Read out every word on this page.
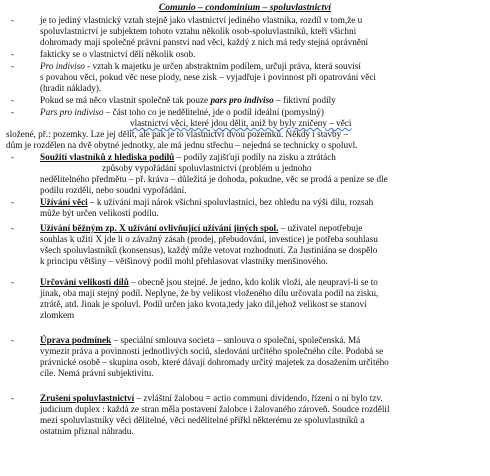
Comunio – condominium – spoluvlastnictví
-	je to jediný vlastnický vztah stejně jako vlastnictví jediného vlastníka, rozdíl v tom,že u
spoluvlastnictví je subjektem tohoto vztahu několik osob-spoluvlastníků, kteří všichni
dohromady mají společné právní panství nad věcí, každý z nich má tedy stejná oprávnění
-	fakticky se o vlastnictví dělí několik osob.
-	Pro indiviso - vztah k majetku je určen abstraktním podílem, určuji práva, která souvisí
s povahou věci, pokud věc nese plody, nese zisk – vyjadřuje i povinnost při opatrování věci
(hradit náklady).
-	Pokud se má něco vlastnit společně tak pouze pars pro indiviso – fiktivní podíly
-	Pars pro indiviso – část toho co je nedělitelné, jde o podíl ideální (pomyslný)
vlastnictví věci, které jdou dělit, aniž by byly zničeny – věci
složené, př.: pozemky. Lze jej dělit, ale pak je to vlastnictví dvou pozemků. Někdy i stavby –
dům je rozdělen na dvě obytné jednotky, ale má jednu střechu – nejedná se technicky o spoluvl.
-	Soužití vlastníků z hlediska podílů – podíly zajišťují podíly na zisku a ztrátách
způsoby vypořádání spoluvlastnictví (problém u jednoho
nedělitelného předmětu – př. kráva – důležitá je dohoda, pokudne, věc se prodá a peníze se dle
podílu rozdělí, nebo soudní vypořádání.
-	Užívání věci – k užívání mají nárok všichni spoluvlastníci, bez ohledu na výši dílu, rozsah
může být určen velikostí podílu.
-	Užívání běžným zp. X užívání ovlivňující užívání jiných spol. – uživatel nepotřebuje
souhlas k užití X jde li o závažný zásah (prodej, přebudování, investice) je potřeba souhlasu
všech spoluvlastníků (konsensus), každý může vetovat rozhodnutí. Za Justiniána se dospělo
k principu většiny – většinový podíl mohl přehlasovat vlastníky menšinového.
-	Určování velikostí dílů – obecně jsou stejné. Je jedno, kdo kolik vloží, ale neupraví-li se to
jinak, oba mají stejný podíl. Neplyne, že by velikost vloženého dílu určovala podíl na zisku,
ztrátě, atd. Jinak je spoluvl. Podíl určen jako kvota,tedy jako díl,jehož velikost se stanoví
zlomkem
-	Úprava podmínek – speciální smlouva societa – smlouva o společní, společenská. Má
vymezit práva a povinnosti jednotlivých sociů, sledování určitého společného cíle. Podobá se
právnické osobě – skupina osob, které dávají dohromady určitý majetek za dosažením určitého
cíle. Nemá právní subjektivitu.
-	Zrušení spoluvlastnictví – zvláštní žalobou = actio communi dividendo, řízení o ní bylo tzv.
judicium duplex : každá ze stran měla postavení žalobce i žalovaného zároveň. Soudce rozdělil
mezi spoluvlastníky věci dělitelné, věci nedělitelné přiřkl některému ze spoluvlastníků a
ostatním přiznal náhradu.
